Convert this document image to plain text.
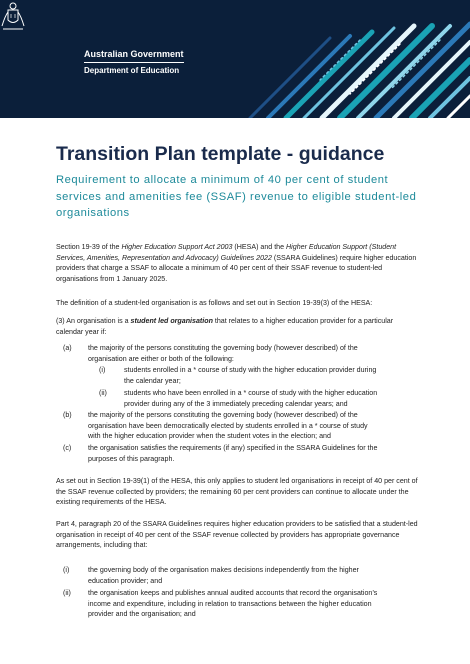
Australian Government
Department of Education
Transition Plan template - guidance
Requirement to allocate a minimum of 40 per cent of student services and amenities fee (SSAF) revenue to eligible student-led organisations
Section 19-39 of the Higher Education Support Act 2003 (HESA) and the Higher Education Support (Student Services, Amenities, Representation and Advocacy) Guidelines 2022 (SSARA Guidelines) require higher education providers that charge a SSAF to allocate a minimum of 40 per cent of their SSAF revenue to student-led organisations from 1 January 2025.
The definition of a student-led organisation is as follows and set out in Section 19-39(3) of the HESA:
(3) An organisation is a student led organisation that relates to a higher education provider for a particular calendar year if:
(a) the majority of the persons constituting the governing body (however described) of the
organisation are either or both of the following:
(i)	students enrolled in a * course of study with the higher education provider during
the calendar year;
(ii) students who have been enrolled in a * course of study with the higher education
provider during any of the 3 immediately preceding calendar years; and
(b) the majority of the persons constituting the governing body (however described) of the
organisation have been democratically elected by students enrolled in a * course of study
with the higher education provider when the student votes in the election; and
(c) the organisation satisfies the requirements (if any) specified in the SSARA Guidelines for the
purposes of this paragraph.
As set out in Section 19-39(1) of the HESA, this only applies to student led organisations in receipt of 40 per cent of the SSAF revenue collected by providers; the remaining 60 per cent providers can continue to allocate under the existing requirements of the HESA.
Part 4, paragraph 20 of the SSARA Guidelines requires higher education providers to be satisfied that a student-led organisation in receipt of 40 per cent of the SSAF revenue collected by providers has appropriate governance arrangements, including that:
(i)	the governing body of the organisation makes decisions independently from the higher
education provider; and
(ii) the organisation keeps and publishes annual audited accounts that record the organisation’s
income and expenditure, including in relation to transactions between the higher education
provider and the organisation; and
